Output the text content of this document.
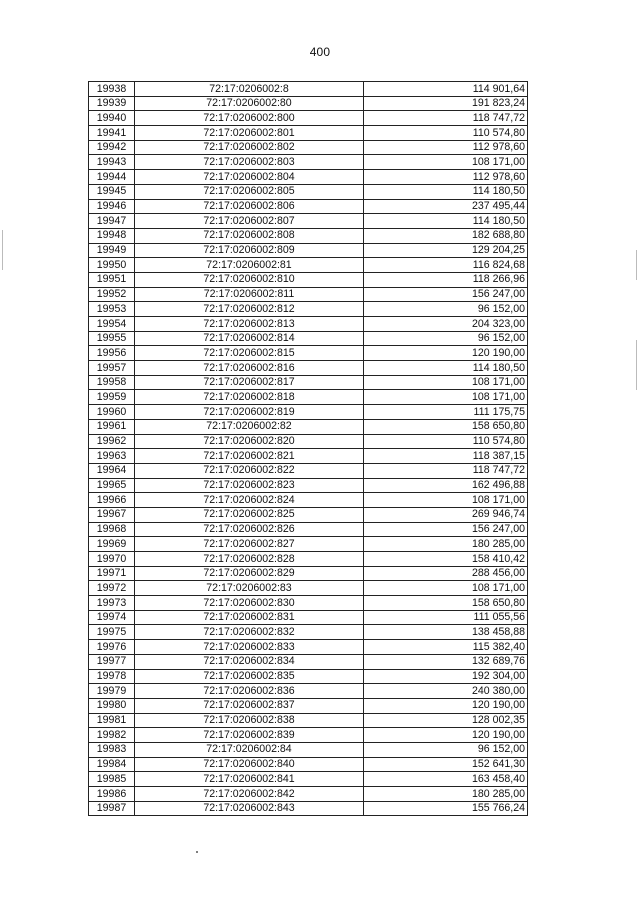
400
19938	72:17:0206002:8	114 901,64
19939	72:17:0206002:80	191 823,24
19940	72:17:0206002:800	118 747,72
19941	72:17:0206002:801	110 574,80
19942	72:17:0206002:802	112 978,60
19943	72:17:0206002:803	108 171,00
19944	72:17:0206002:804	112 978,60
19945	72:17:0206002:805	114 180,50
19946	72:17:0206002:806	237 495,44
19947	72:17:0206002:807	114 180,50
19948	72:17:0206002:808	182 688,80
19949	72:17:0206002:809	129 204,25
19950	72:17:0206002:81	116 824,68
19951	72:17:0206002:810	118 266,96
19952	72:17:0206002:811	156 247,00
19953	72:17:0206002:812	96 152,00
19954	72:17:0206002:813	204 323,00
19955	72:17:0206002:814	96 152,00
19956	72:17:0206002:815	120 190,00
19957	72:17:0206002:816	114 180,50
19958	72:17:0206002:817	108 171,00
19959	72:17:0206002:818	108 171,00
19960	72:17:0206002:819	111 175,75
19961	72:17:0206002:82	158 650,80
19962	72:17:0206002:820	110 574,80
19963	72:17:0206002:821	118 387,15
19964	72:17:0206002:822	118 747,72
19965	72:17:0206002:823	162 496,88
19966	72:17:0206002:824	108 171,00
19967	72:17:0206002:825	269 946,74
19968	72:17:0206002:826	156 247,00
19969	72:17:0206002:827	180 285,00
19970	72:17:0206002:828	158 410,42
19971	72:17:0206002:829	288 456,00
19972	72:17:0206002:83	108 171,00
19973	72:17:0206002:830	158 650,80
19974	72:17:0206002:831	111 055,56
19975	72:17:0206002:832	138 458,88
19976	72:17:0206002:833	115 382,40
19977	72:17:0206002:834	132 689,76
19978	72:17:0206002:835	192 304,00
19979	72:17:0206002:836	240 380,00
19980	72:17:0206002:837	120 190,00
19981	72:17:0206002:838	128 002,35
19982	72:17:0206002:839	120 190,00
19983	72:17:0206002:84	96 152,00
19984	72:17:0206002:840	152 641,30
19985	72:17:0206002:841	163 458,40
19986	72:17:0206002:842	180 285,00
19987	72:17:0206002:843	155 766,24
